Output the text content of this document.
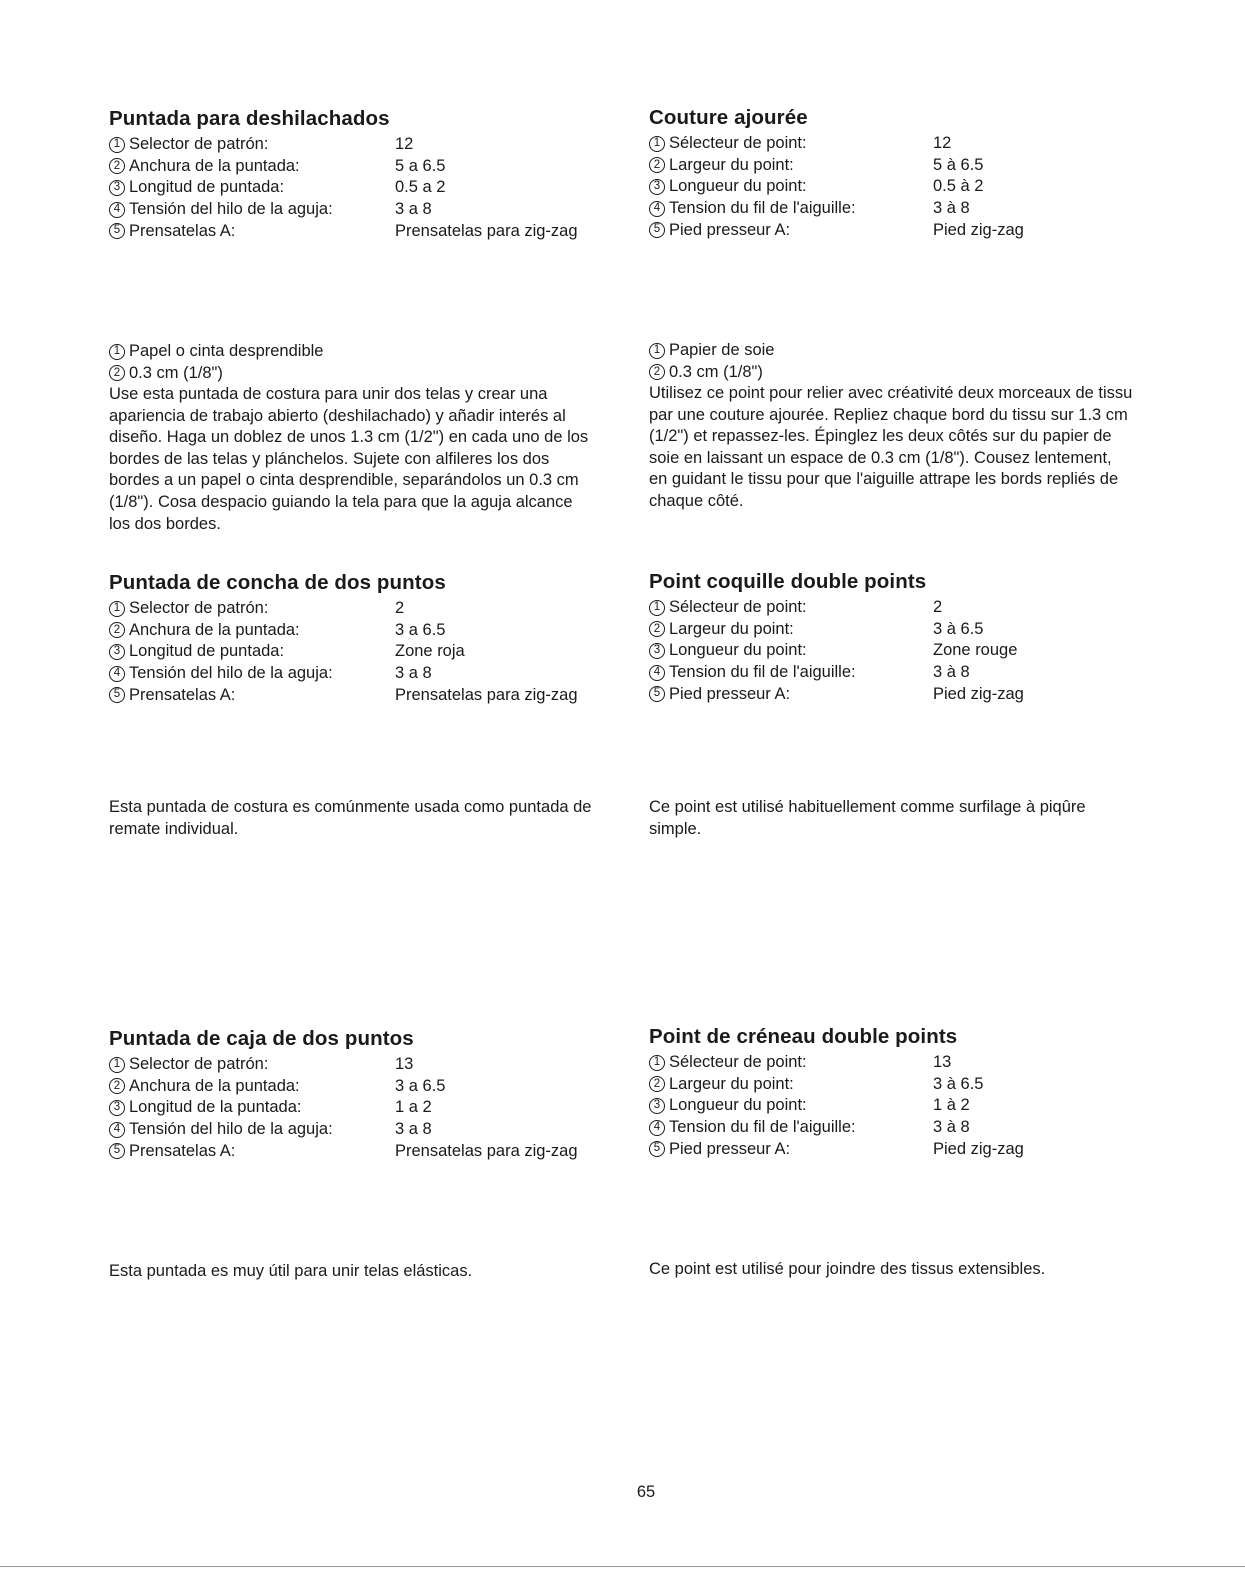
Puntada para deshilachados
1 Selector de patrón:	12
2 Anchura de la puntada:	5 a 6.5
3 Longitud de puntada:	0.5 a 2
4 Tensión del hilo de la aguja:	3 a 8
5 Prensatelas A:	Prensatelas para zig-zag
Couture ajourée
1 Sélecteur de point:	12
2 Largeur du point:	5 à 6.5
3 Longueur du point:	0.5 à 2
4 Tension du fil de l'aiguille:	3 à 8
5 Pied presseur A:	Pied zig-zag
1 Papel o cinta desprendible
2 0.3 cm (1/8")
Use esta puntada de costura para unir dos telas y crear una
apariencia de trabajo abierto (deshilachado) y añadir interés al
diseño. Haga un doblez de unos 1.3 cm (1/2") en cada uno de los
bordes de las telas y plánchelos. Sujete con alfileres los dos
bordes a un papel o cinta desprendible, separándolos un 0.3 cm
(1/8"). Cosa despacio guiando la tela para que la aguja alcance
los dos bordes.
1 Papier de soie
2 0.3 cm (1/8")
Utilisez ce point pour relier avec créativité deux morceaux de tissu
par une couture ajourée. Repliez chaque bord du tissu sur 1.3 cm
(1/2") et repassez-les. Épinglez les deux côtés sur du papier de
soie en laissant un espace de 0.3 cm (1/8"). Cousez lentement,
en guidant le tissu pour que l'aiguille attrape les bords repliés de
chaque côté.
Puntada de concha de dos puntos
1 Selector de patrón:	2
2 Anchura de la puntada:	3 a 6.5
3 Longitud de puntada:	Zone roja
4 Tensión del hilo de la aguja:	3 a 8
5 Prensatelas A:	Prensatelas para zig-zag
Point coquille double points
1 Sélecteur de point:	2
2 Largeur du point:	3 à 6.5
3 Longueur du point:	Zone rouge
4 Tension du fil de l'aiguille:	3 à 8
5 Pied presseur A:	Pied zig-zag
Esta puntada de costura es comúnmente usada como puntada de
remate individual.
Ce point est utilisé habituellement comme surfilage à piqûre
simple.
Puntada de caja de dos puntos
1 Selector de patrón:	13
2 Anchura de la puntada:	3 a 6.5
3 Longitud de la puntada:	1 a 2
4 Tensión del hilo de la aguja:	3 a 8
5 Prensatelas A:	Prensatelas para zig-zag
Point de créneau double points
1 Sélecteur de point:	13
2 Largeur du point:	3 à 6.5
3 Longueur du point:	1 à 2
4 Tension du fil de l'aiguille:	3 à 8
5 Pied presseur A:	Pied zig-zag
Esta puntada es muy útil para unir telas elásticas.	Ce point est utilisé pour joindre des tissus extensibles.
65
